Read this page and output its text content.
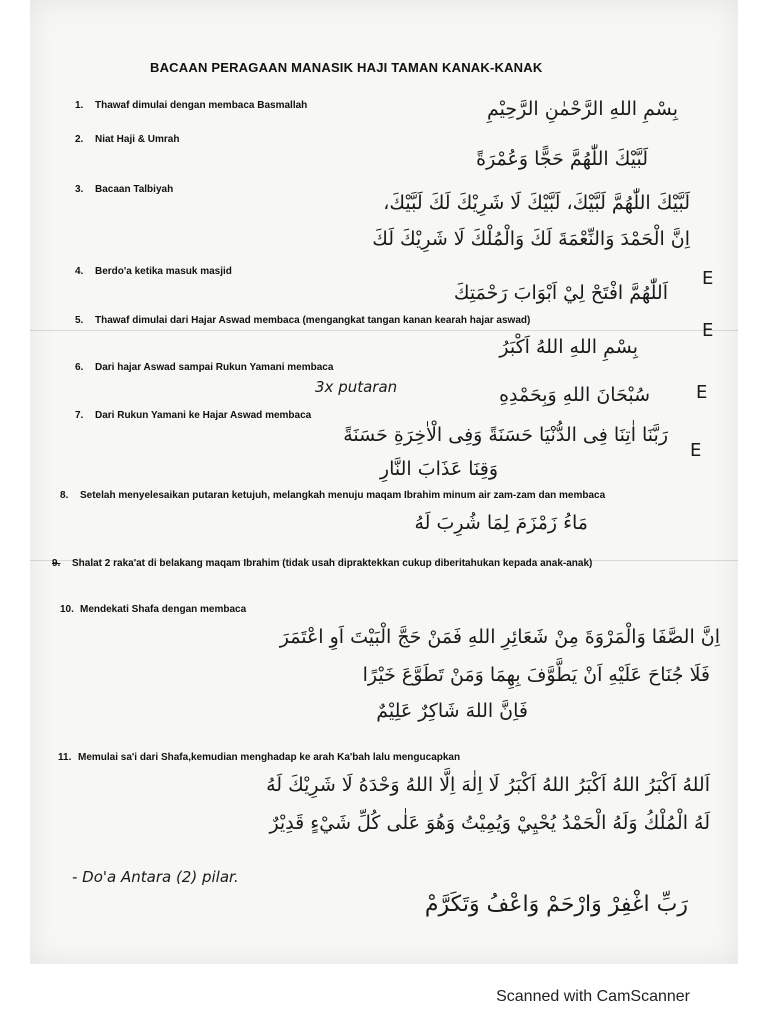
BACAAN PERAGAAN MANASIK HAJI TAMAN KANAK-KANAK
1. Thawaf dimulai dengan membaca Basmallah	بِسْمِ اللهِ الرَّحْمٰنِ الرَّحِيْمِ
2. Niat Haji & Umrah
لَبَّيْكَ اللّٰهُمَّ حَجًّا وَعُمْرَةً
3. Bacaan Talbiyah
لَبَّيْكَ اللّٰهُمَّ لَبَّيْكَ، لَبَّيْكَ لَا شَرِيْكَ لَكَ لَبَّيْكَ،
اِنَّ الْحَمْدَ وَالنِّعْمَةَ لَكَ وَالْمُلْكَ لَا شَرِيْكَ لَكَ
4. Berdo'a ketika masuk masjid
اَللّٰهُمَّ افْتَحْ لِيْ اَبْوَابَ رَحْمَتِكَ
E
5. Thawaf dimulai dari Hajar Aswad membaca (mengangkat tangan kanan kearah hajar aswad)
بِسْمِ اللهِ اللهُ اَكْبَرُ
E
6. Dari hajar Aswad sampai Rukun Yamani membaca
3x putaran	سُبْحَانَ اللهِ وَبِحَمْدِهِ	E
7. Dari Rukun Yamani ke Hajar Aswad membaca
رَبَّنَا اٰتِنَا فِى الدُّنْيَا حَسَنَةً وَفِى الْاٰخِرَةِ حَسَنَةً
وَقِنَا عَذَابَ النَّارِ
E
8. Setelah menyelesaikan putaran ketujuh, melangkah menuju maqam Ibrahim minum air zam-zam dan membaca
مَاءُ زَمْزَمَ لِمَا شُرِبَ لَهُ
9. Shalat 2 raka'at di belakang maqam Ibrahim (tidak usah dipraktekkan cukup diberitahukan kepada anak-anak)
10. Mendekati Shafa dengan membaca
اِنَّ الصَّفَا وَالْمَرْوَةَ مِنْ شَعَائِرِ اللهِ فَمَنْ حَجَّ الْبَيْتَ اَوِ اعْتَمَرَ
فَلَا جُنَاحَ عَلَيْهِ اَنْ يَطَّوَّفَ بِهِمَا وَمَنْ تَطَوَّعَ خَيْرًا
فَاِنَّ اللهَ شَاكِرٌ عَلِيْمٌ
11. Memulai sa'i dari Shafa,kemudian menghadap ke arah Ka'bah lalu mengucapkan
اَللهُ اَكْبَرُ اللهُ اَكْبَرُ اللهُ اَكْبَرُ لَا اِلٰهَ اِلَّا اللهُ وَحْدَهُ لَا شَرِيْكَ لَهُ
لَهُ الْمُلْكُ وَلَهُ الْحَمْدُ يُحْيِيْ وَيُمِيْتُ وَهُوَ عَلٰى كُلِّ شَيْءٍ قَدِيْرٌ
- Do'a Antara (2) pilar.
رَبِّ اغْفِرْ وَارْحَمْ وَاعْفُ وَتَكَرَّمْ
Scanned with CamScanner
